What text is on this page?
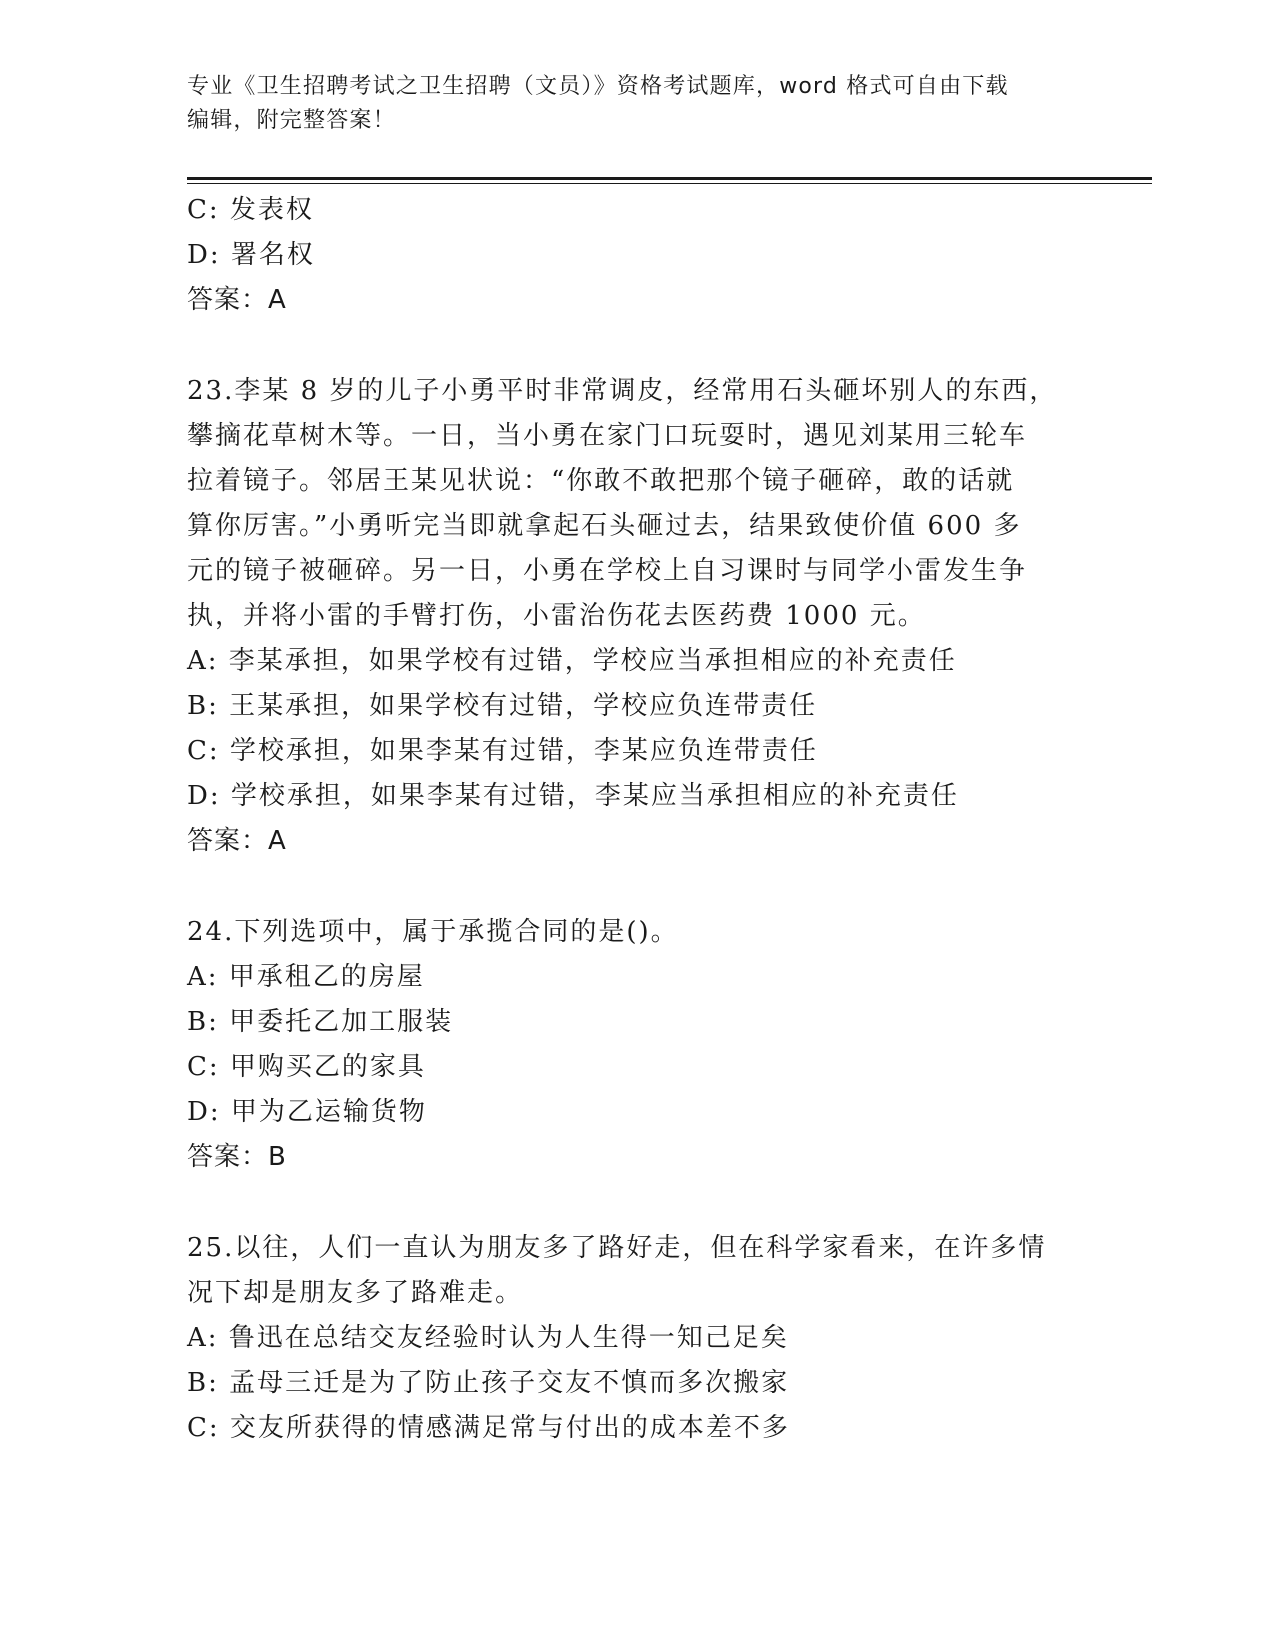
专业《卫生招聘考试之卫生招聘（文员）》资格考试题库，word 格式可自由下载
编辑，附完整答案！
C: 发表权
D: 署名权
答案：A
23.李某 8 岁的儿子小勇平时非常调皮，经常用石头砸坏别人的东西，
攀摘花草树木等。一日，当小勇在家门口玩耍时，遇见刘某用三轮车
拉着镜子。邻居王某见状说：“你敢不敢把那个镜子砸碎，敢的话就
算你厉害。”小勇听完当即就拿起石头砸过去，结果致使价值 600 多
元的镜子被砸碎。另一日，小勇在学校上自习课时与同学小雷发生争
执，并将小雷的手臂打伤，小雷治伤花去医药费 1000 元。
A: 李某承担，如果学校有过错，学校应当承担相应的补充责任
B: 王某承担，如果学校有过错，学校应负连带责任
C: 学校承担，如果李某有过错，李某应负连带责任
D: 学校承担，如果李某有过错，李某应当承担相应的补充责任
答案：A
24.下列选项中，属于承揽合同的是()。
A: 甲承租乙的房屋
B: 甲委托乙加工服装
C: 甲购买乙的家具
D: 甲为乙运输货物
答案：B
25.以往，人们一直认为朋友多了路好走，但在科学家看来，在许多情
况下却是朋友多了路难走。
A: 鲁迅在总结交友经验时认为人生得一知己足矣
B: 孟母三迁是为了防止孩子交友不慎而多次搬家
C: 交友所获得的情感满足常与付出的成本差不多
